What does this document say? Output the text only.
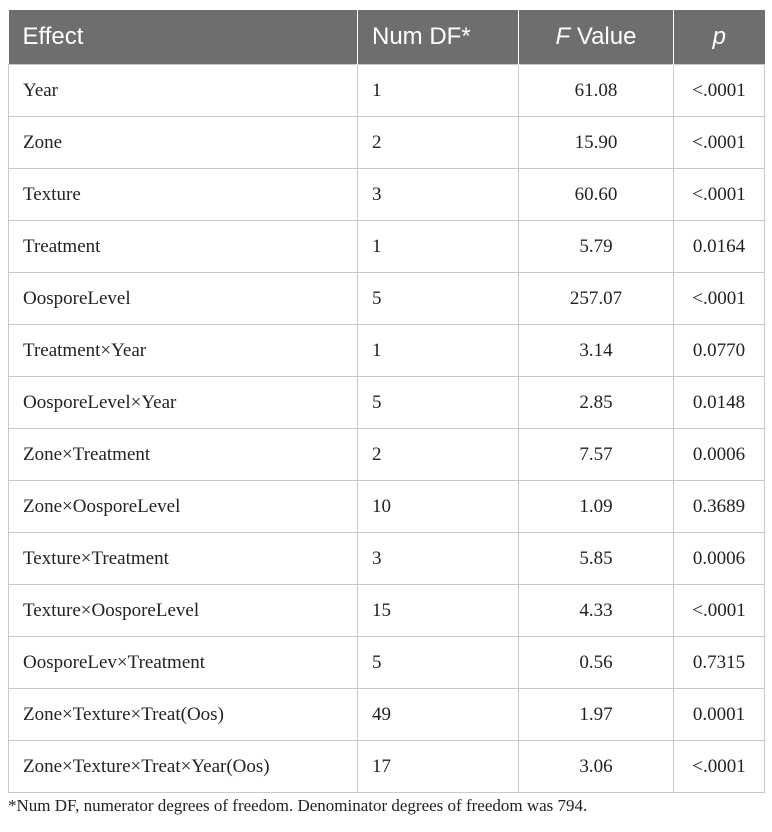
Effect	Num DF*	F Value	p
Year	1	61.08	<.0001
Zone	2	15.90	<.0001
Texture	3	60.60	<.0001
Treatment	1	5.79	0.0164
OosporeLevel	5	257.07	<.0001
Treatment×Year	1	3.14	0.0770
OosporeLevel×Year	5	2.85	0.0148
Zone×Treatment	2	7.57	0.0006
Zone×OosporeLevel	10	1.09	0.3689
Texture×Treatment	3	5.85	0.0006
Texture×OosporeLevel	15	4.33	<.0001
OosporeLev×Treatment	5	0.56	0.7315
Zone×Texture×Treat(Oos)	49	1.97	0.0001
Zone×Texture×Treat×Year(Oos)	17	3.06	<.0001
*Num DF, numerator degrees of freedom. Denominator degrees of freedom was 794.
